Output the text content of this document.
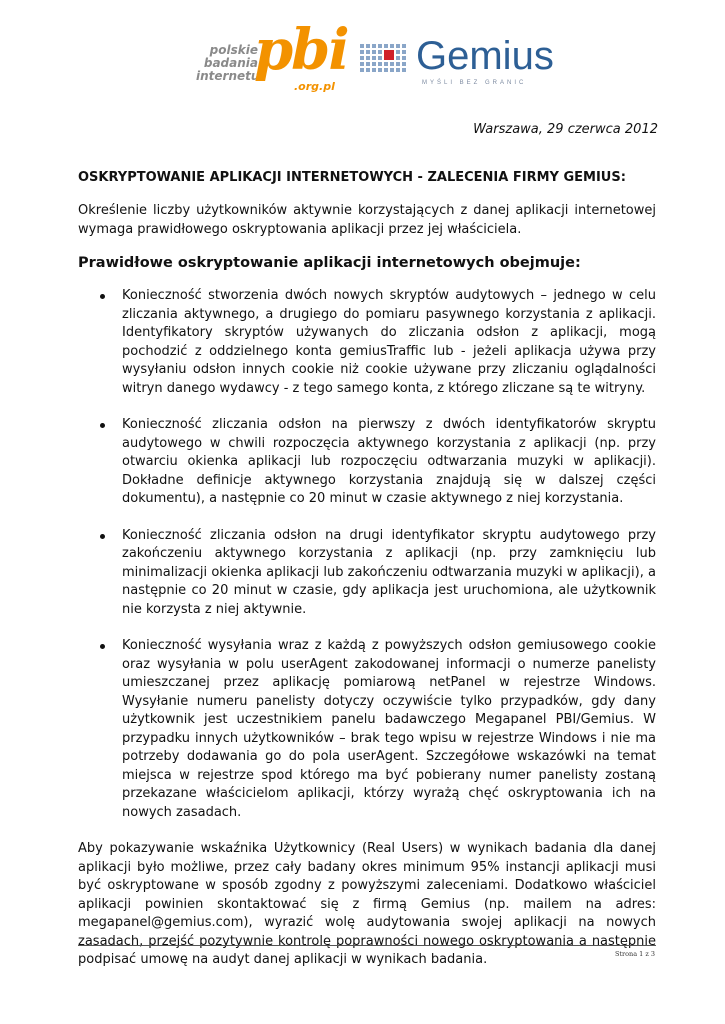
polskie
badania
internetu
pbi
.org.pl
Gemius
MYŚLI BEZ GRANIC
Warszawa, 29 czerwca 2012

OSKRYPTOWANIE APLIKACJI INTERNETOWYCH - ZALECENIA FIRMY GEMIUS:

Określenie liczby użytkowników aktywnie korzystających z danej aplikacji internetowej wymaga prawidłowego oskryptowania aplikacji przez jej właściciela.

Prawidłowe oskryptowanie aplikacji internetowych obejmuje:

Konieczność stworzenia dwóch nowych skryptów audytowych – jednego w celu zliczania aktywnego, a drugiego do pomiaru pasywnego korzystania z aplikacji. Identyfikatory skryptów używanych do zliczania odsłon z aplikacji, mogą pochodzić z oddzielnego konta gemiusTraffic lub - jeżeli aplikacja używa przy wysyłaniu odsłon innych cookie niż cookie używane przy zliczaniu oglądalności witryn danego wydawcy - z tego samego konta, z którego zliczane są te witryny.
Konieczność zliczania odsłon na pierwszy z dwóch identyfikatorów skryptu audytowego w chwili rozpoczęcia aktywnego korzystania z aplikacji (np. przy otwarciu okienka aplikacji lub rozpoczęciu odtwarzania muzyki w aplikacji). Dokładne definicje aktywnego korzystania znajdują się w dalszej części dokumentu), a następnie co 20 minut w czasie aktywnego z niej korzystania.
Konieczność zliczania odsłon na drugi identyfikator skryptu audytowego przy zakończeniu aktywnego korzystania z aplikacji (np. przy zamknięciu lub minimalizacji okienka aplikacji lub zakończeniu odtwarzania muzyki w aplikacji), a następnie co 20 minut w czasie, gdy aplikacja jest uruchomiona, ale użytkownik nie korzysta z niej aktywnie.
Konieczność wysyłania wraz z każdą z powyższych odsłon gemiusowego cookie oraz wysyłania w polu userAgent zakodowanej informacji o numerze panelisty umieszczanej przez aplikację pomiarową netPanel w rejestrze Windows. Wysyłanie numeru panelisty dotyczy oczywiście tylko przypadków, gdy dany użytkownik jest uczestnikiem panelu badawczego Megapanel PBI/Gemius. W przypadku innych użytkowników – brak tego wpisu w rejestrze Windows i nie ma potrzeby dodawania go do pola userAgent. Szczegółowe wskazówki na temat miejsca w rejestrze spod którego ma być pobierany numer panelisty zostaną przekazane właścicielom aplikacji, którzy wyrażą chęć oskryptowania ich na nowych zasadach.

Aby pokazywanie wskaźnika Użytkownicy (Real Users) w wynikach badania dla danej aplikacji było możliwe, przez cały badany okres minimum 95% instancji aplikacji musi być oskryptowane w sposób zgodny z powyższymi zaleceniami. Dodatkowo właściciel aplikacji powinien skontaktować się z firmą Gemius (np. mailem na adres: megapanel@gemius.com), wyrazić wolę audytowania swojej aplikacji na nowych zasadach, przejść pozytywnie kontrolę poprawności nowego oskryptowania a następnie podpisać umowę na audyt danej aplikacji w wynikach badania.	Strona 1 z 3
